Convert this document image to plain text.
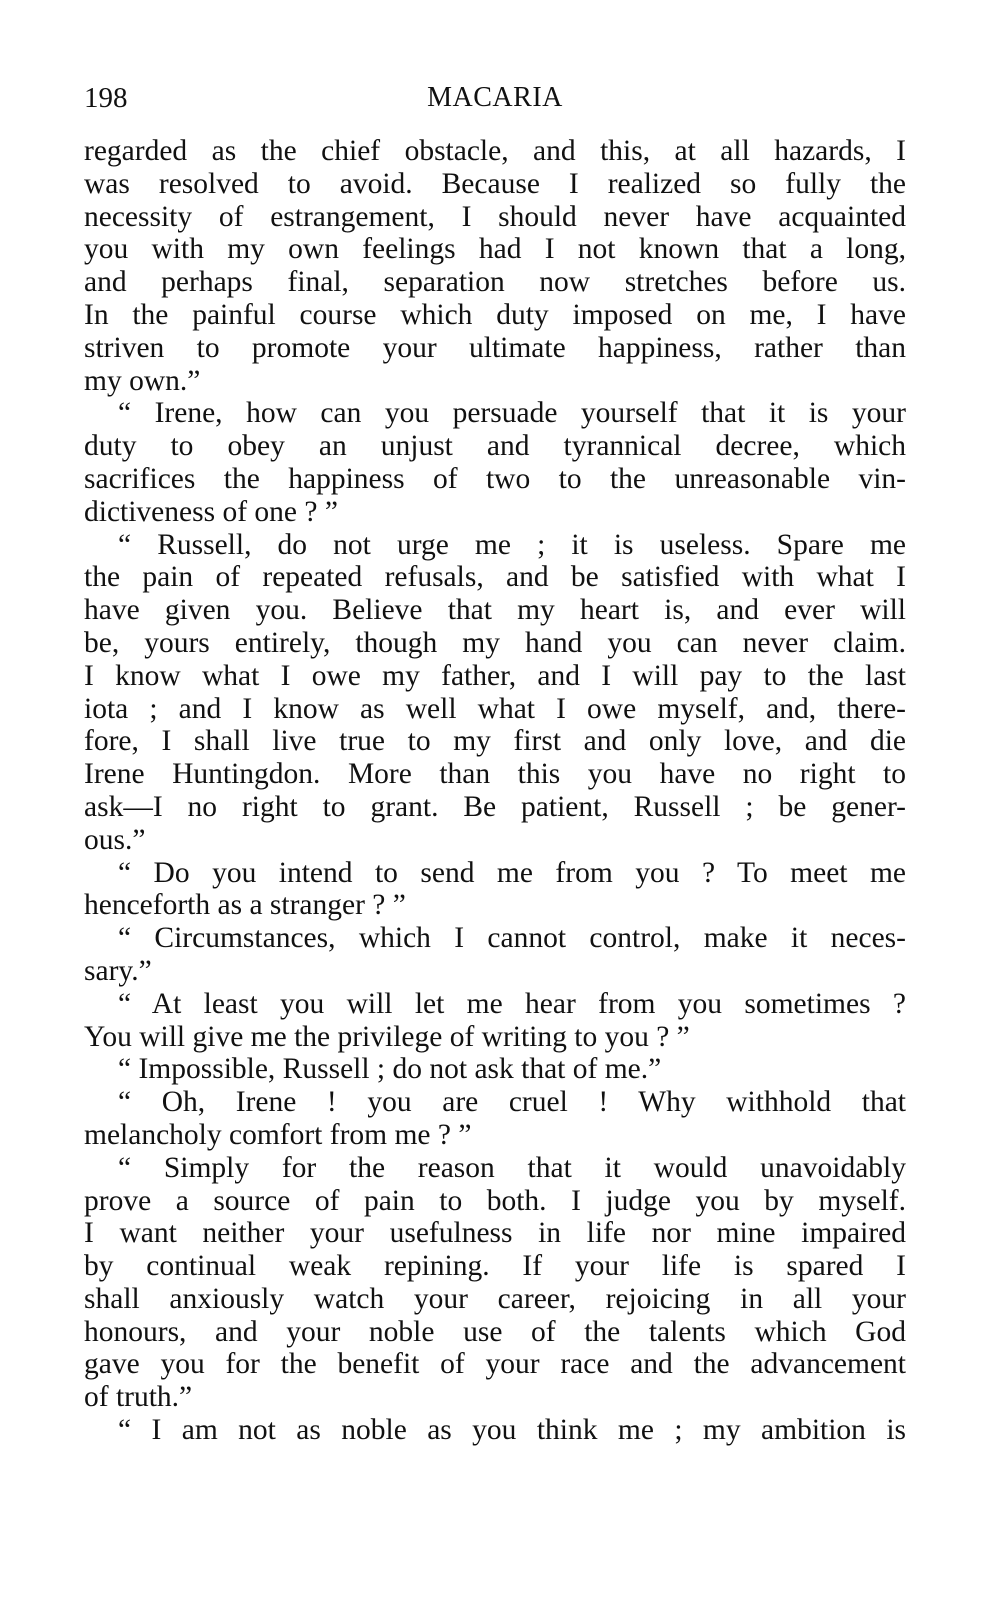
198	MACARIA
regarded as the chief obstacle, and this, at all hazards, I
was resolved to avoid. Because I realized so fully the
necessity of estrangement, I should never have acquainted
you with my own feelings had I not known that a long,
and perhaps final, separation now stretches before us.
In the painful course which duty imposed on me, I have
striven to promote your ultimate happiness, rather than
my own.”
“ Irene, how can you persuade yourself that it is your
duty to obey an unjust and tyrannical decree, which
sacrifices the happiness of two to the unreasonable vin-
dictiveness of one ? ”
“ Russell, do not urge me ; it is useless. Spare me
the pain of repeated refusals, and be satisfied with what I
have given you. Believe that my heart is, and ever will
be, yours entirely, though my hand you can never claim.
I know what I owe my father, and I will pay to the last
iota ; and I know as well what I owe myself, and, there-
fore, I shall live true to my first and only love, and die
Irene Huntingdon. More than this you have no right to
ask—I no right to grant. Be patient, Russell ; be gener-
ous.”
“ Do you intend to send me from you ? To meet me
henceforth as a stranger ? ”
“ Circumstances, which I cannot control, make it neces-
sary.”
“ At least you will let me hear from you sometimes ?
You will give me the privilege of writing to you ? ”
“ Impossible, Russell ; do not ask that of me.”
“ Oh, Irene ! you are cruel ! Why withhold that
melancholy comfort from me ? ”
“ Simply for the reason that it would unavoidably
prove a source of pain to both. I judge you by myself.
I want neither your usefulness in life nor mine impaired
by continual weak repining. If your life is spared I
shall anxiously watch your career, rejoicing in all your
honours, and your noble use of the talents which God
gave you for the benefit of your race and the advancement
of truth.”
“ I am not as noble as you think me ; my ambition is
